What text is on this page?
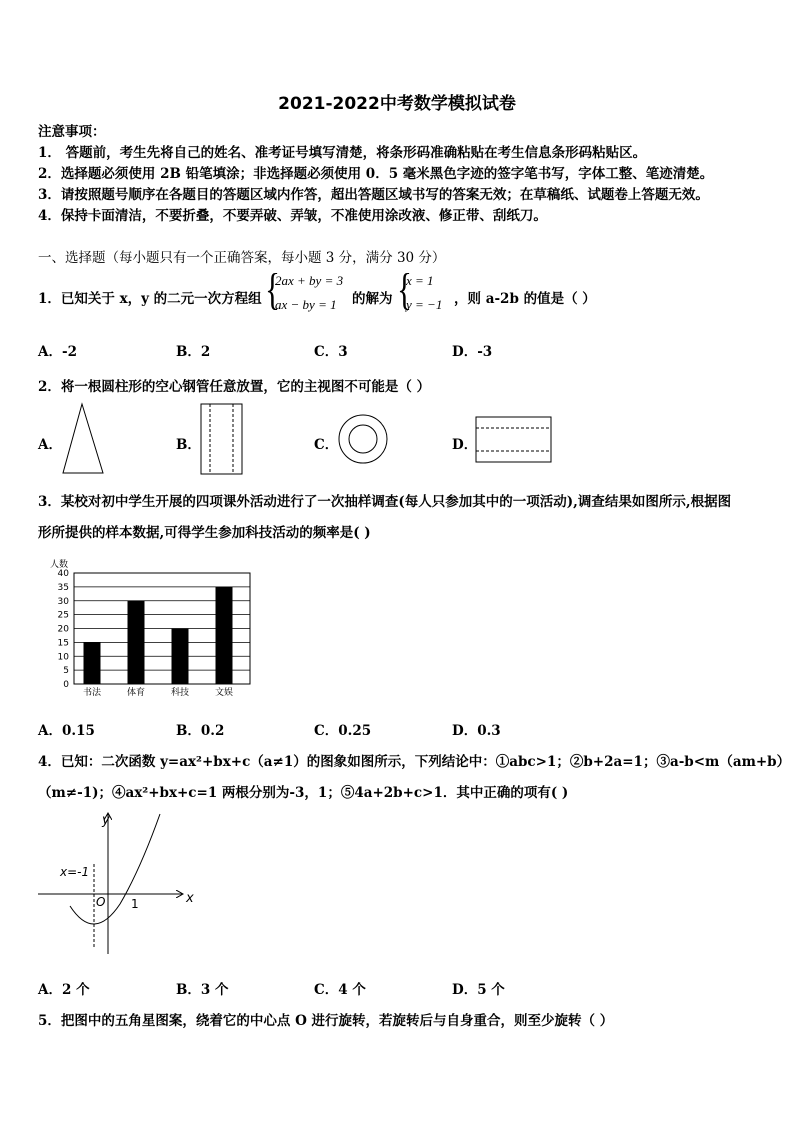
2021-2022中考数学模拟试卷
注意事项：
1． 答题前，考生先将自己的姓名、准考证号填写清楚，将条形码准确粘贴在考生信息条形码粘贴区。
2．选择题必须使用 2B 铅笔填涂；非选择题必须使用 0．5 毫米黑色字迹的签字笔书写，字体工整、笔迹清楚。
3．请按照题号顺序在各题目的答题区域内作答，超出答题区域书写的答案无效；在草稿纸、试题卷上答题无效。
4．保持卡面清洁，不要折叠，不要弄破、弄皱，不准使用涂改液、修正带、刮纸刀。
一、选择题（每小题只有一个正确答案，每小题 3 分，满分 30 分）
1．已知关于 x，y 的二元一次方程组 {
2ax + by = 3
ax − by = 1 的解为 {
x = 1
y = −1 ，则 a-2b 的值是（ ）
A．-2	B．2	C．3	D．-3
2．将一根圆柱形的空心钢管任意放置，它的主视图不可能是（ ）
A．	B．	C．	D．
3．某校对初中学生开展的四项课外活动进行了一次抽样调查(每人只参加其中的一项活动),调查结果如图所示,根据图
形所提供的样本数据,可得学生参加科技活动的频率是( )
人数
0
5
10
15
20
25
30
35
40
书法	体育	科技	文娱
A．0.15	B．0.2	C．0.25	D．0.3
4．已知：二次函数 y=ax²+bx+c（a≠1）的图象如图所示，下列结论中：①abc>1；②b+2a=1；③a-b<m（am+b）
（m≠-1)；④ax²+bx+c=1 两根分别为-3，1；⑤4a+2b+c>1．其中正确的项有( )
y
x
x=-1
O 1
A．2 个	B．3 个	C．4 个	D．5 个
5．把图中的五角星图案，绕着它的中心点 O 进行旋转，若旋转后与自身重合，则至少旋转（ ）
